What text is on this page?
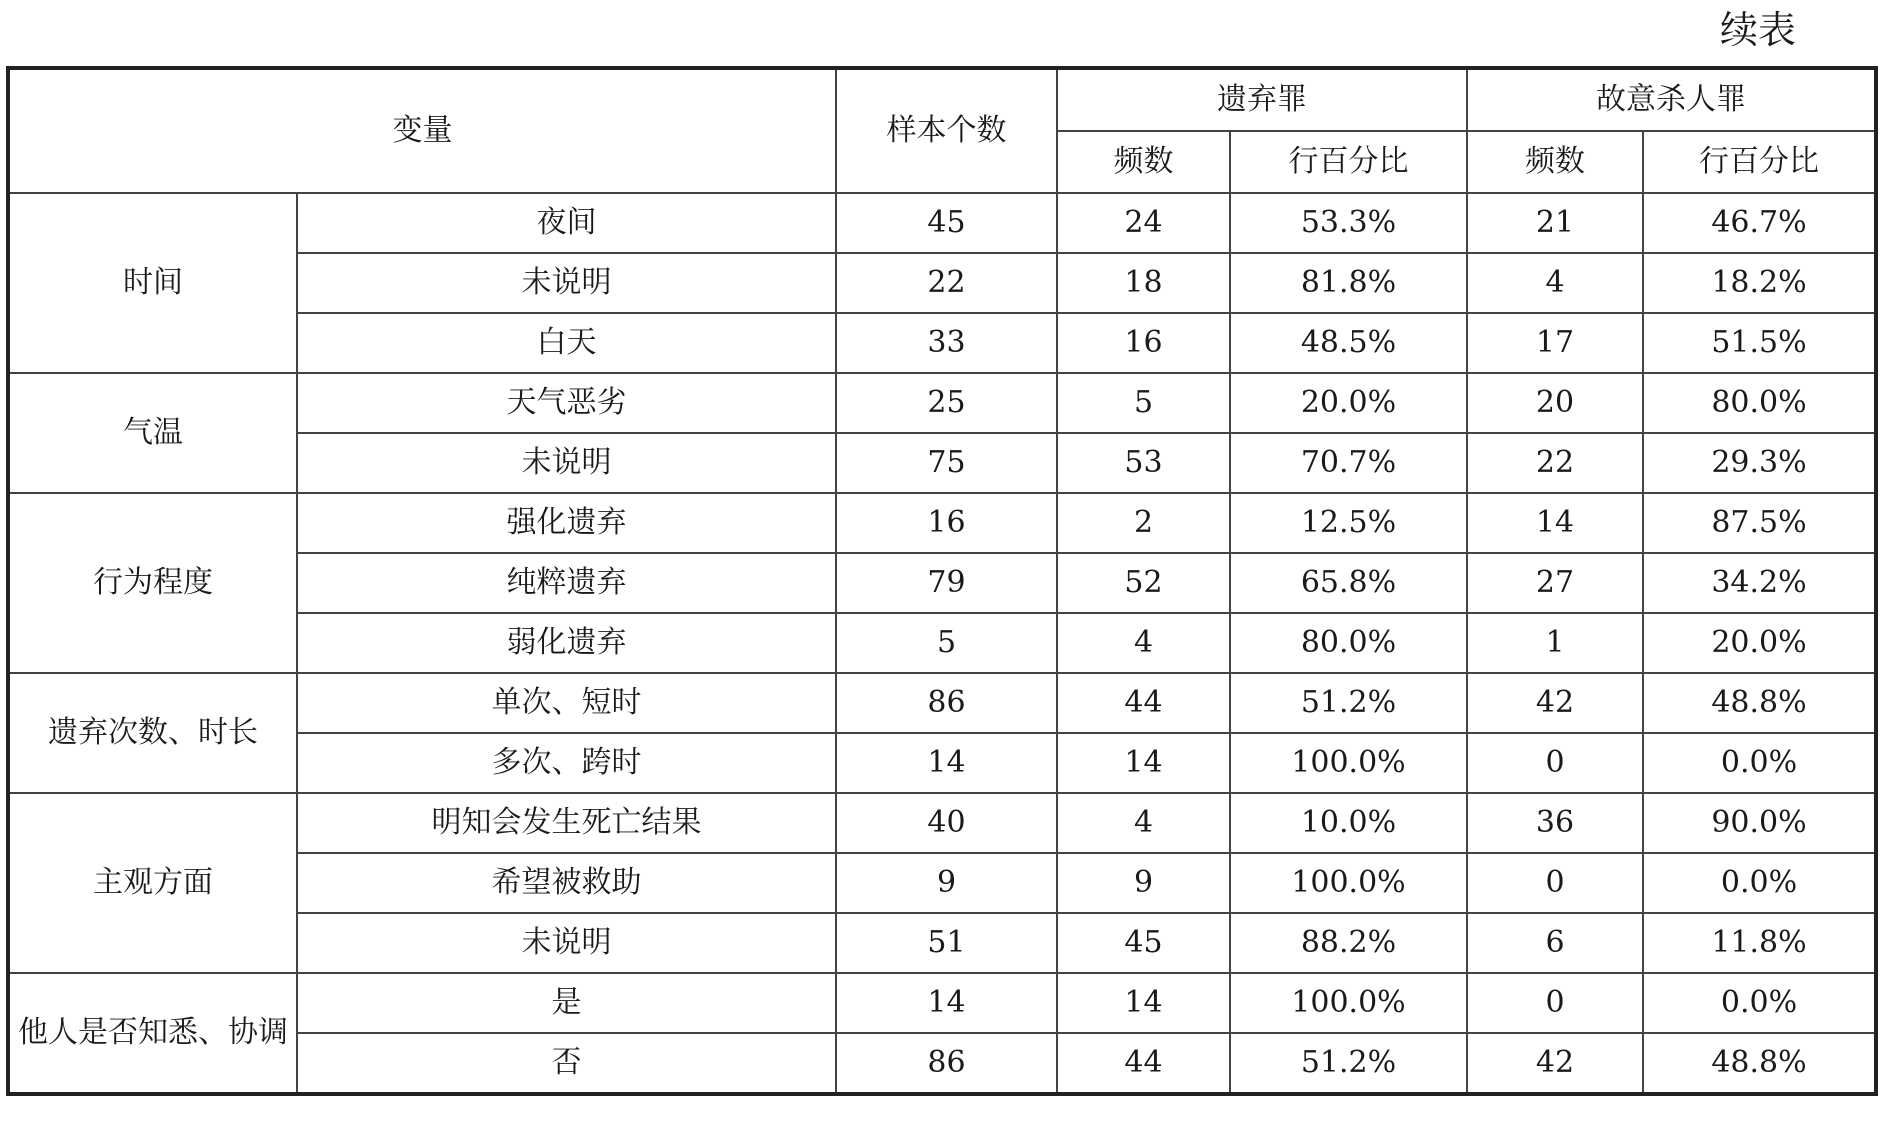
续表
变量		样本个数	遗弃罪		故意杀人罪	
			频数	行百分比	频数	行百分比
时间	夜间	45	24	53.3%	21	46.7%
	未说明	22	18	81.8%	4	18.2%
	白天	33	16	48.5%	17	51.5%
气温	天气恶劣	25	5	20.0%	20	80.0%
	未说明	75	53	70.7%	22	29.3%
行为程度	强化遗弃	16	2	12.5%	14	87.5%
	纯粹遗弃	79	52	65.8%	27	34.2%
	弱化遗弃	5	4	80.0%	1	20.0%
遗弃次数、时长	单次、短时	86	44	51.2%	42	48.8%
	多次、跨时	14	14	100.0%	0	0.0%
主观方面	明知会发生死亡结果	40	4	10.0%	36	90.0%
	希望被救助	9	9	100.0%	0	0.0%
	未说明	51	45	88.2%	6	11.8%
他人是否知悉、协调	是	14	14	100.0%	0	0.0%
	否	86	44	51.2%	42	48.8%
